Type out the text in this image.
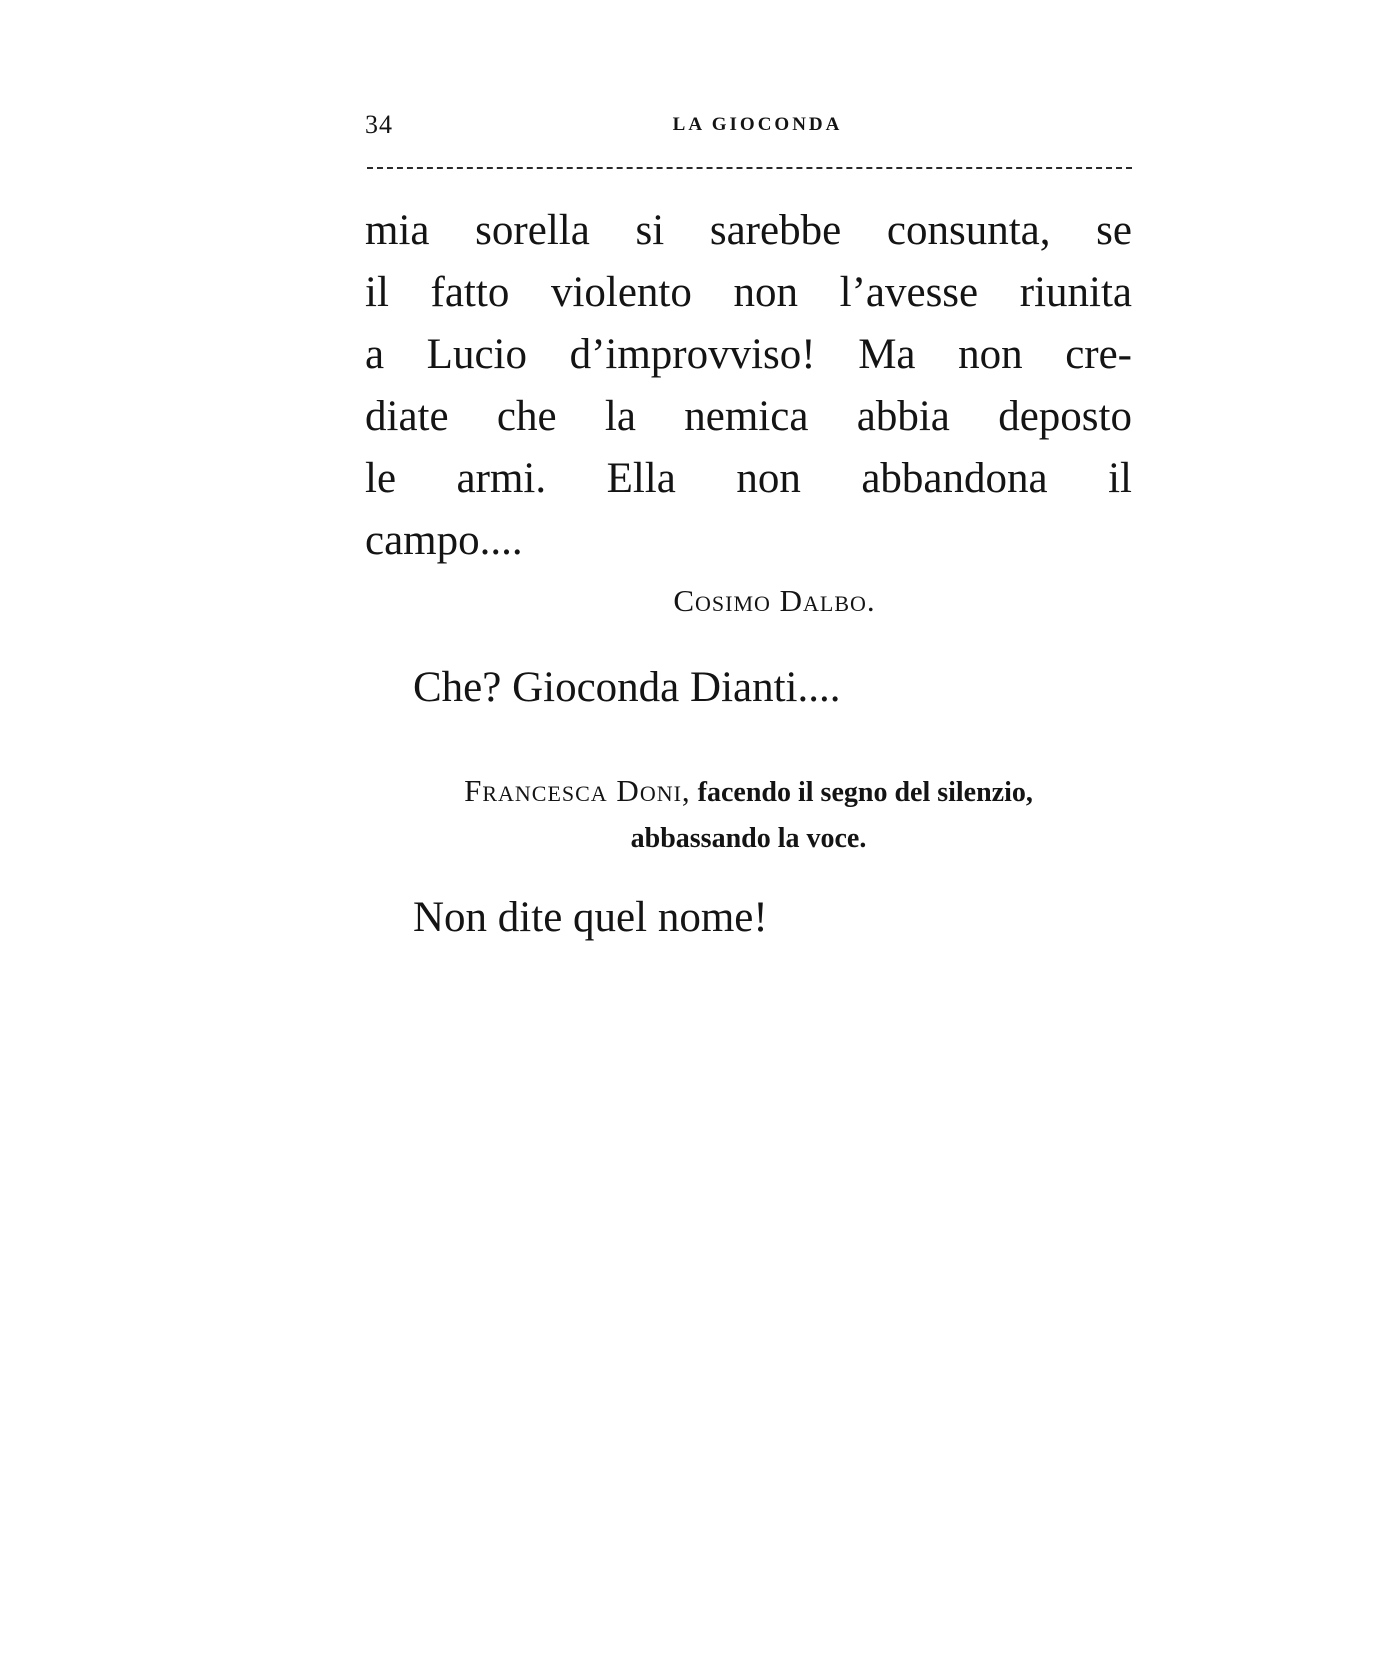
34	LA GIOCONDA

mia sorella si sarebbe consunta, se
il fatto violento non l’avesse riunita
a Lucio d’improvviso! Ma non cre-
diate che la nemica abbia deposto
le armi. Ella non abbandona il
campo....

Cosimo Dalbo.

Che? Gioconda Dianti....

Francesca Doni, facendo il segno del silenzio,
abbassando la voce.

Non dite quel nome!
